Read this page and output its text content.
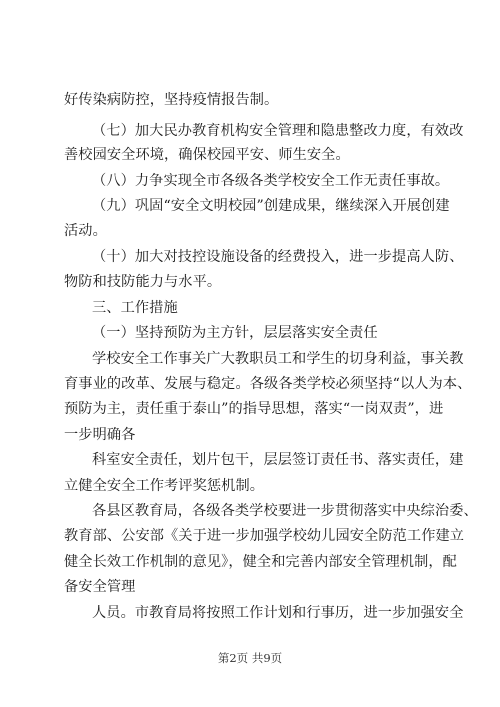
好传染病防控，坚持疫情报告制。
（七）加大民办教育机构安全管理和隐患整改力度，有效改
善校园安全环境，确保校园平安、师生安全。
（八）力争实现全市各级各类学校安全工作无责任事故。
（九）巩固“安全文明校园”创建成果，继续深入开展创建
活动。
（十）加大对技控设施设备的经费投入，进一步提高人防、
物防和技防能力与水平。
三、工作措施
（一）坚持预防为主方针，层层落实安全责任
学校安全工作事关广大教职员工和学生的切身利益，事关教
育事业的改革、发展与稳定。各级各类学校必须坚持“以人为本、
预防为主，责任重于泰山”的指导思想，落实“一岗双责”，进
一步明确各
科室安全责任，划片包干，层层签订责任书、落实责任，建
立健全安全工作考评奖惩机制。
各县区教育局，各级各类学校要进一步贯彻落实中央综治委、
教育部、公安部《关于进一步加强学校幼儿园安全防范工作建立
健全长效工作机制的意见》，健全和完善内部安全管理机制，配
备安全管理
人员。市教育局将按照工作计划和行事历，进一步加强安全
第2页 共9页
